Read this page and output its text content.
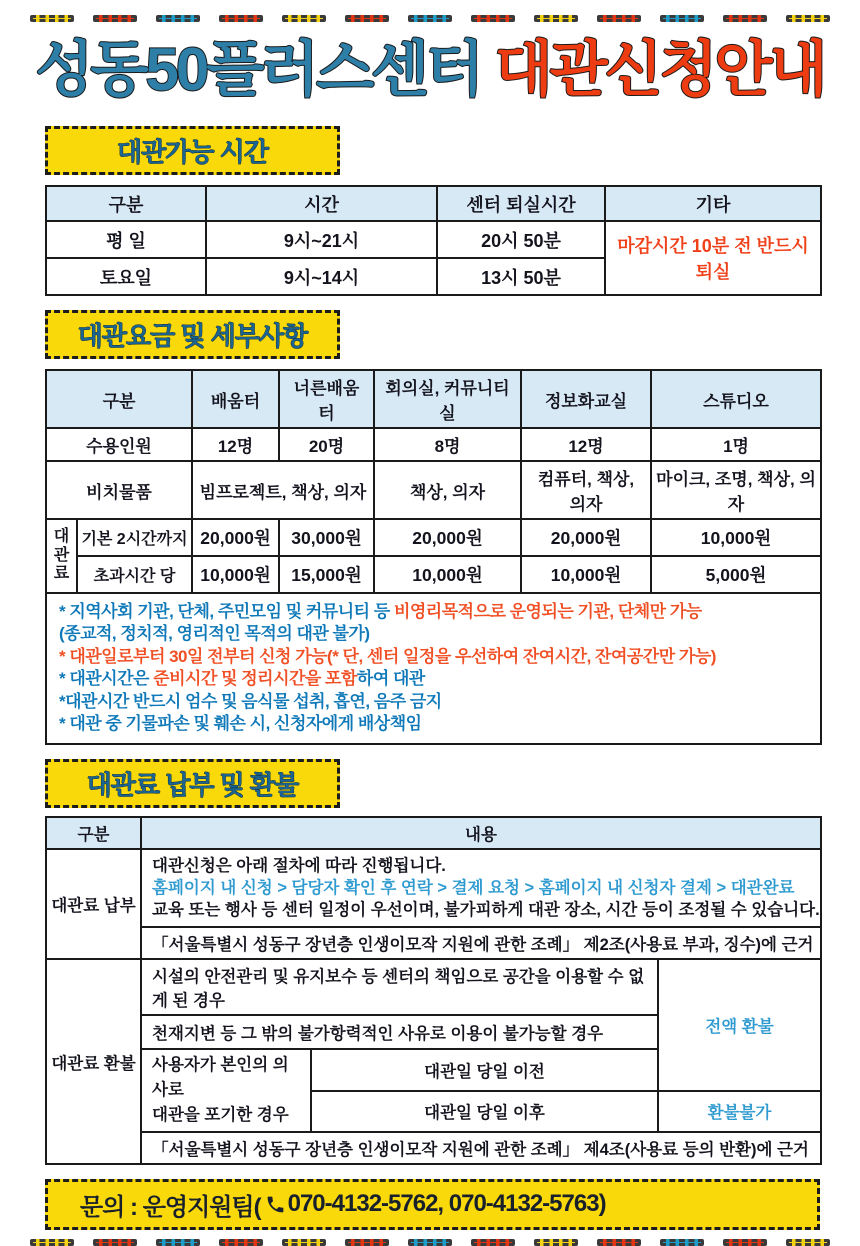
성동50플러스센터 대관신청안내
대관가능 시간
구분	시간	센터 퇴실시간	기타
평 일	9시~21시	20시 50분	마감시간 10분 전 반드시 퇴실
토요일	9시~14시	13시 50분	
대관요금 및 세부사항
구분		배움터	너른배움터	회의실, 커뮤니티실	정보화교실	스튜디오
수용인원		12명	20명	8명	12명	1명
비치물품		빔프로젝트, 책상, 의자		책상, 의자	컴퓨터, 책상, 의자	마이크, 조명, 책상, 의자
대관료	기본 2시간까지	20,000원	30,000원	20,000원	20,000원	10,000원
	초과시간 당	10,000원	15,000원	10,000원	10,000원	5,000원

* 지역사회 기관, 단체, 주민모임 및 커뮤니티 등 비영리목적으로 운영되는 기관, 단체만 가능
(종교적, 정치적, 영리적인 목적의 대관 불가)
* 대관일로부터 30일 전부터 신청 가능(* 단, 센터 일정을 우선하여 잔여시간, 잔여공간만 가능)
* 대관시간은 준비시간 및 정리시간을 포함하여 대관
*대관시간 반드시 엄수 및 음식물 섭취, 흡연, 음주 금지
* 대관 중 기물파손 및 훼손 시, 신청자에게 배상책임
대관료 납부 및 환불
구분	내용		
대관료 납부	대관신청은 아래 절차에 따라 진행됩니다.
홈페이지 내 신청 > 담당자 확인 후 연락 > 결제 요청 > 홈페이지 내 신청자 결제 > 대관완료
교육 또는 행사 등 센터 일정이 우선이며, 불가피하게 대관 장소, 시간 등이 조정될 수 있습니다.		

	「서울특별시 성동구 장년층 인생이모작 지원에 관한 조례」 제2조(사용료 부과, 징수)에 근거		
대관료 환불	시설의 안전관리 및 유지보수 등 센터의 책임으로 공간을 이용할 수 없게 된 경우		전액 환불
	천재지변 등 그 밖의 불가항력적인 사유로 이용이 불가능할 경우		

	사용자가 본인의 의사로
대관을 포기한 경우	대관일 당일 이전	
		대관일 당일 이후	환불불가
	「서울특별시 성동구 장년층 인생이모작 지원에 관한 조례」 제4조(사용료 등의 반환)에 근거		
문의 : 운영지원팀( 070-4132-5762, 070-4132-5763 )
